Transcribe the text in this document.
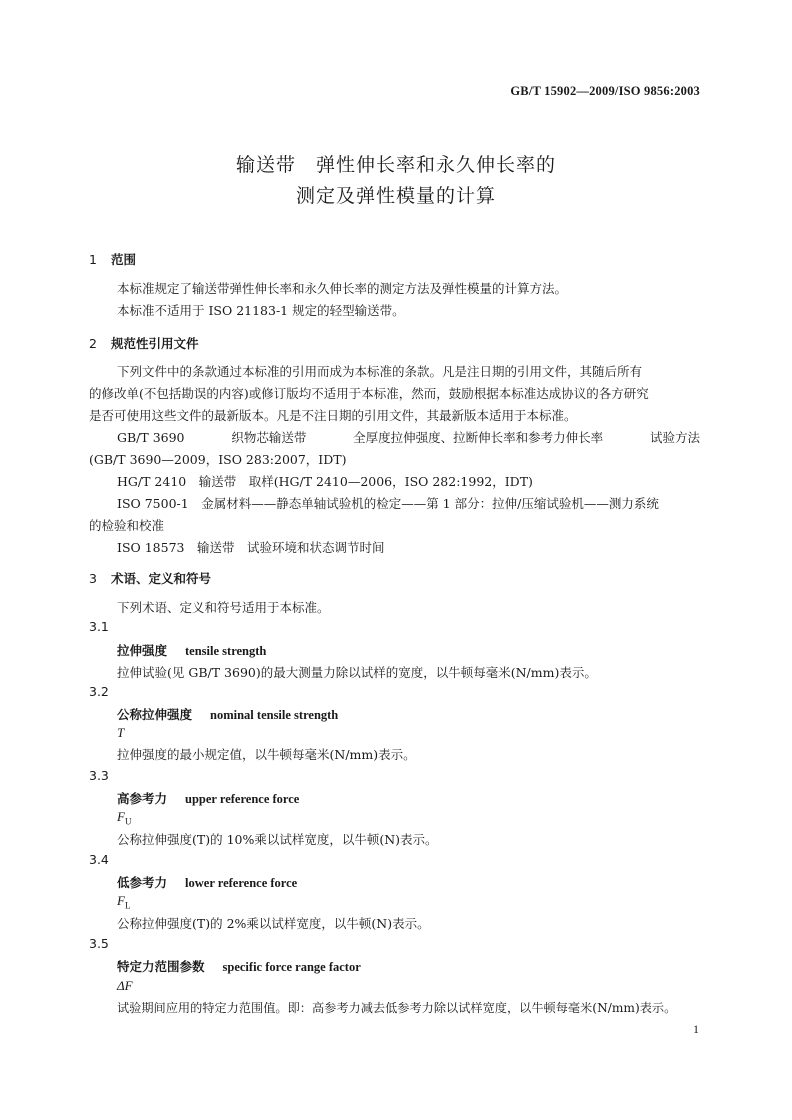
GB/T 15902—2009/ISO 9856:2003
输送带　弹性伸长率和永久伸长率的
测定及弹性模量的计算
1 范围
本标准规定了输送带弹性伸长率和永久伸长率的测定方法及弹性模量的计算方法。
本标准不适用于 ISO 21183-1 规定的轻型输送带。
2 规范性引用文件
下列文件中的条款通过本标准的引用而成为本标准的条款。凡是注日期的引用文件，其随后所有
的修改单(不包括勘误的内容)或修订版均不适用于本标准，然而，鼓励根据本标准达成协议的各方研究
是否可使用这些文件的最新版本。凡是不注日期的引用文件，其最新版本适用于本标准。
GB/T 3690	织物芯输送带	全厚度拉伸强度、拉断伸长率和参考力伸长率	试验方法
(GB/T 3690—2009，ISO 283:2007，IDT)
HG/T 2410　输送带　取样(HG/T 2410—2006，ISO 282:1992，IDT)
ISO 7500-1　金属材料——静态单轴试验机的检定——第 1 部分：拉伸/压缩试验机——测力系统
的检验和校准
ISO 18573　输送带　试验环境和状态调节时间
3 术语、定义和符号
下列术语、定义和符号适用于本标准。
3.1
拉伸强度 tensile strength
拉伸试验(见 GB/T 3690)的最大测量力除以试样的宽度，以牛顿每毫米(N/mm)表示。
3.2
公称拉伸强度 nominal tensile strength
T
拉伸强度的最小规定值，以牛顿每毫米(N/mm)表示。
3.3
高参考力 upper reference force
$F_U$
公称拉伸强度(T)的 10%乘以试样宽度，以牛顿(N)表示。
3.4
低参考力 lower reference force
$F_L$
公称拉伸强度(T)的 2%乘以试样宽度，以牛顿(N)表示。
3.5
特定力范围参数 specific force range factor
ΔF
试验期间应用的特定力范围值。即：高参考力减去低参考力除以试样宽度，以牛顿每毫米(N/mm)表示。
1
